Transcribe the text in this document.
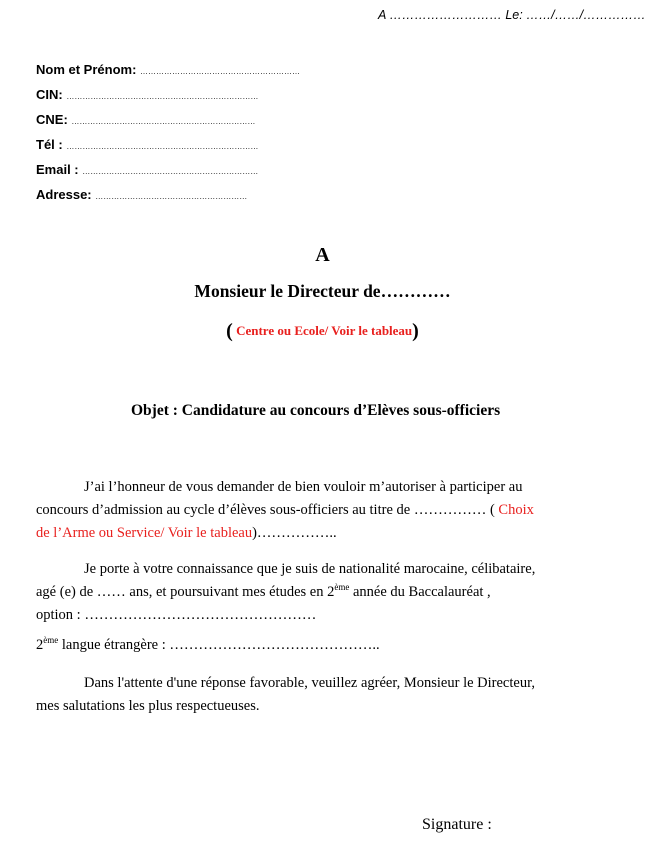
A ……………………… Le: ……/……/……………
Nom et Prénom: ……………………………………………………
CIN: ………………………………………………………………
CNE: ……………………………………………………………
Tél : ………………………………………………………………
Email : …………………………………………………………
Adresse: …………………………………………………
A
Monsieur le Directeur de…………
( Centre ou Ecole/ Voir le tableau)
Objet : Candidature au concours d’Elèves sous-officiers
J’ai l’honneur de vous demander de bien vouloir m’autoriser à participer au
concours d’admission au cycle d’élèves sous-officiers au titre de …………… ( Choix
de l’Arme ou Service/ Voir le tableau)……………..
Je porte à votre connaissance que je suis de nationalité marocaine, célibataire,
agé (e) de …… ans, et poursuivant mes études en 2ème année du Baccalauréat ,
option : …………………………………………
2ème langue étrangère : ……………………………………..
Dans l'attente d'une réponse favorable, veuillez agréer, Monsieur le Directeur,
mes salutations les plus respectueuses.
Signature :
